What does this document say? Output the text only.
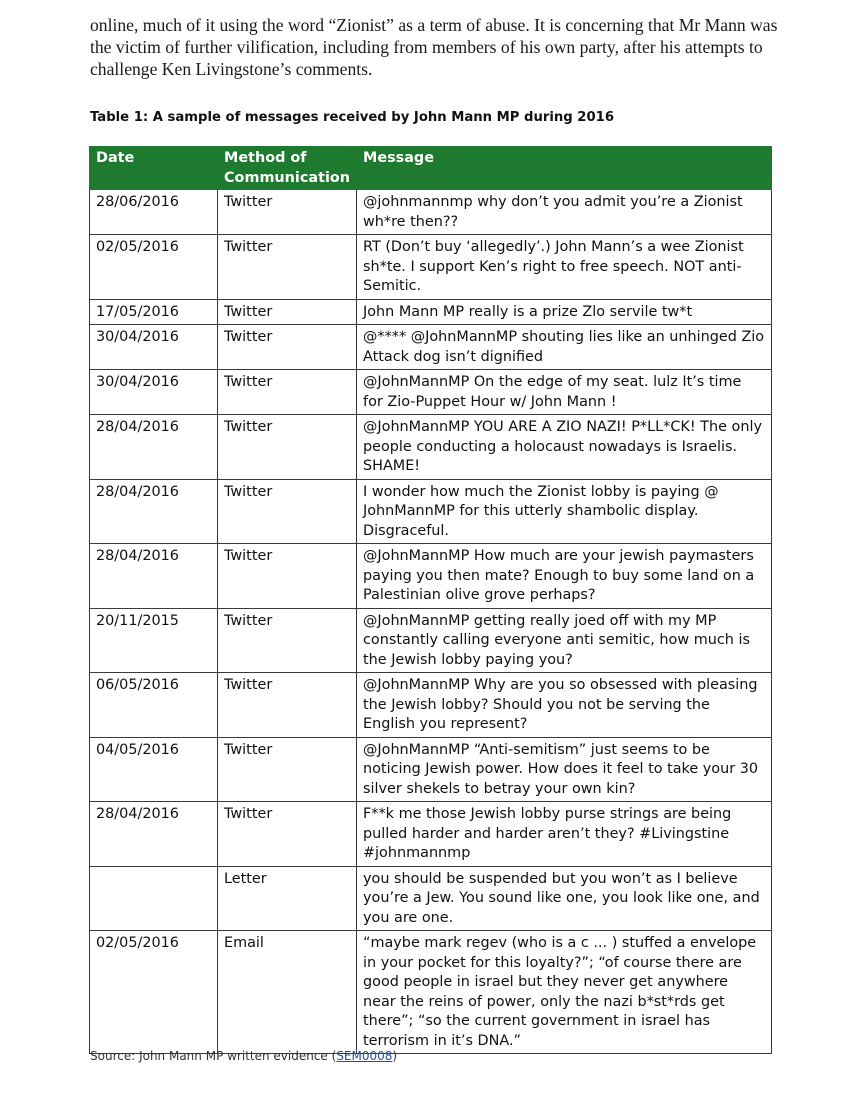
online, much of it using the word “Zionist” as a term of abuse. It is concerning that Mr Mann was the victim of further vilification, including from members of his own party, after his attempts to challenge Ken Livingstone’s comments.

Table 1: A sample of messages received by John Mann MP during 2016

Date	Method of Communication	Message
28/06/2016	Twitter	@johnmannmp why don’t you admit you’re a Zionist wh*re then??
02/05/2016	Twitter	RT (Don’t buy ‘allegedly’.) John Mann’s a wee Zionist sh*te. I support Ken’s right to free speech. NOT anti-Semitic.
17/05/2016	Twitter	John Mann MP really is a prize Zlo servile tw*t
30/04/2016	Twitter	@**** @JohnMannMP shouting lies like an unhinged Zio Attack dog isn’t dignified
30/04/2016	Twitter	@JohnMannMP On the edge of my seat. lulz It’s time for Zio-Puppet Hour w/ John Mann !
28/04/2016	Twitter	@JohnMannMP YOU ARE A ZIO NAZI! P*LL*CK! The only people conducting a holocaust nowadays is Israelis. SHAME!
28/04/2016	Twitter	I wonder how much the Zionist lobby is paying @ JohnMannMP for this utterly shambolic display. Disgraceful.
28/04/2016	Twitter	@JohnMannMP How much are your jewish paymasters paying you then mate? Enough to buy some land on a Palestinian olive grove perhaps?
20/11/2015	Twitter	@JohnMannMP getting really joed off with my MP constantly calling everyone anti semitic, how much is the Jewish lobby paying you?
06/05/2016	Twitter	@JohnMannMP Why are you so obsessed with pleasing the Jewish lobby? Should you not be serving the English you represent?
04/05/2016	Twitter	@JohnMannMP “Anti-semitism” just seems to be noticing Jewish power. How does it feel to take your 30 silver shekels to betray your own kin?
28/04/2016	Twitter	F**k me those Jewish lobby purse strings are being pulled harder and harder aren’t they? #Livingstine #johnmannmp
	Letter	you should be suspended but you won’t as I believe you’re a Jew. You sound like one, you look like one, and you are one.
02/05/2016	Email	“maybe mark regev (who is a c ... ) stuffed a envelope in your pocket for this loyalty?”; “of course there are good people in israel but they never get anywhere near the reins of power, only the nazi b*st*rds get there”; “so the current government in israel has terrorism in it’s DNA.”

Source: John Mann MP written evidence (SEM0008)
